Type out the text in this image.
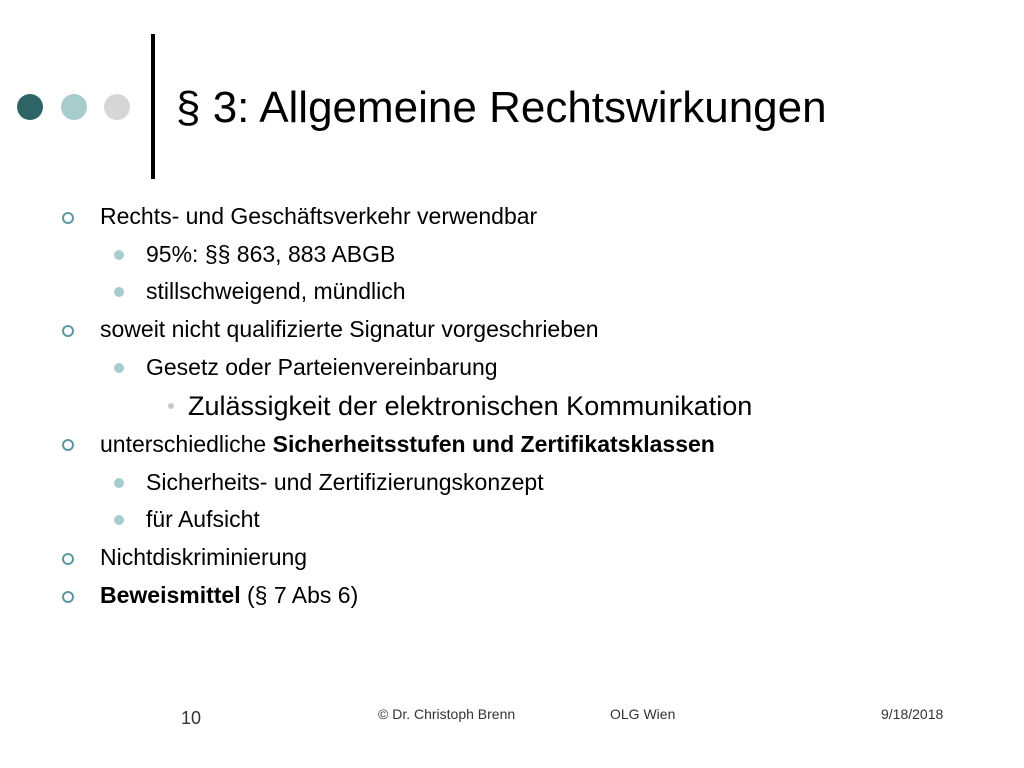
§ 3: Allgemeine Rechtswirkungen
Rechts- und Geschäftsverkehr verwendbar
95%: §§ 863, 883 ABGB
stillschweigend, mündlich
soweit nicht qualifizierte Signatur vorgeschrieben
Gesetz oder Parteienvereinbarung
Zulässigkeit der elektronischen Kommunikation
unterschiedliche Sicherheitsstufen und Zertifikatsklassen
Sicherheits- und Zertifizierungskonzept
für Aufsicht
Nichtdiskriminierung
Beweismittel (§ 7 Abs 6)
10	© Dr. Christoph Brenn	OLG Wien	9/18/2018
